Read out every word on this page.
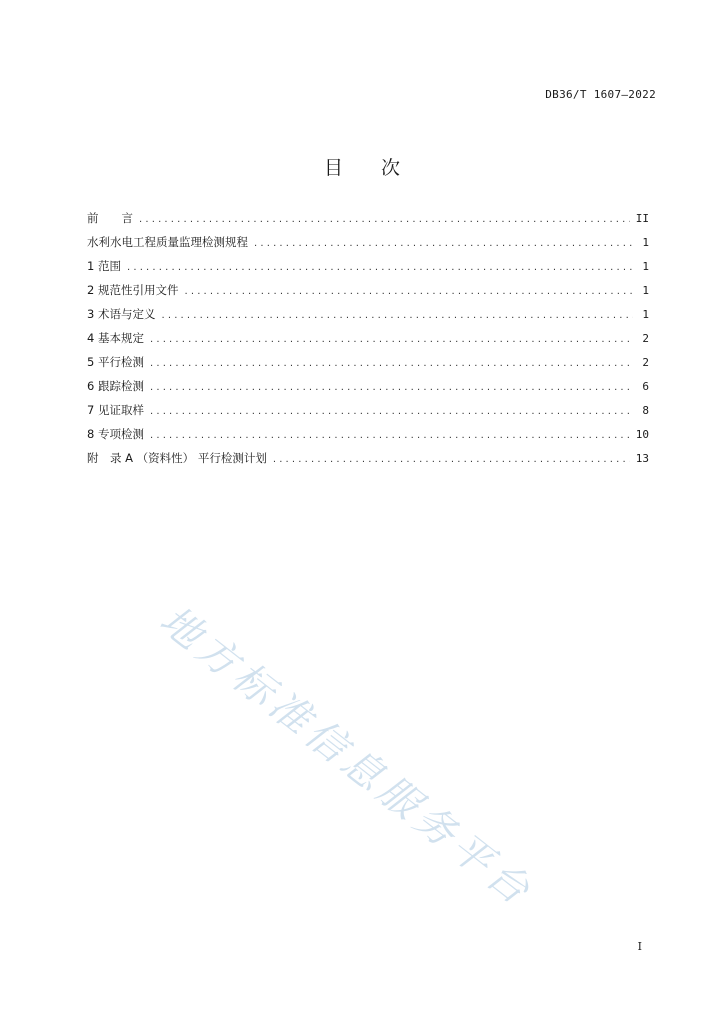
DB36/T 1607—2022
目 次
前　　言 . . .	II
水利水电工程质量监理检测规程 . . .	1
1 范围 . . .	1
2 规范性引用文件 . . .	1
3 术语与定义 . . .	1
4 基本规定 . . .	2
5 平行检测 . . .	2
6 跟踪检测 . . .	6
7 见证取样 . . .	8
8 专项检测 . . .	10
附　录 A （资料性） 平行检测计划 . . .	13
地方标准信息服务平台
I
